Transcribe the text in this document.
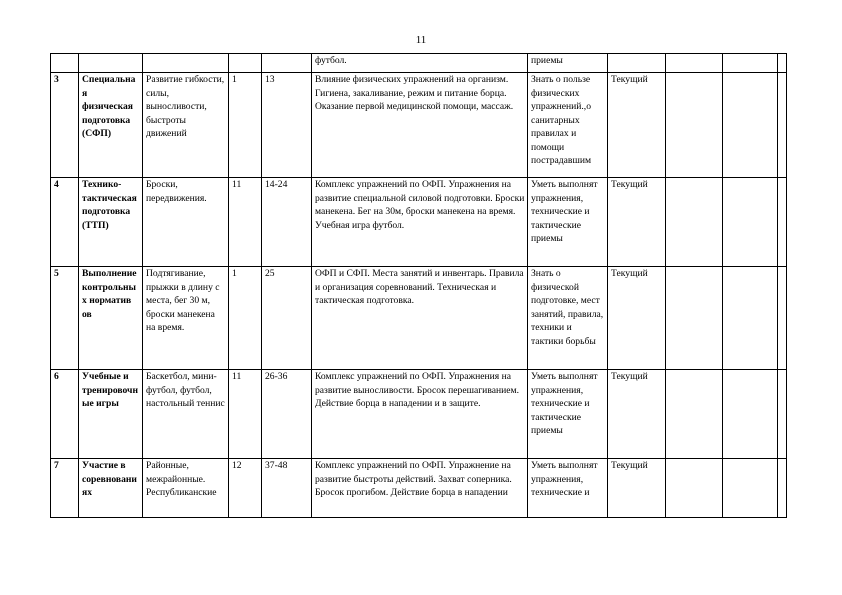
11
					футбол.	приемы				
3	Специальная физическая подготовка (СФП)	Развитие гибкости, силы, выносливости, быстроты движений	1	13	Влияние физических упражнений на организм. Гигиена, закаливание, режим и питание борца. Оказание первой медицинской помощи, массаж.	Знать о пользе физических упражнений.,о санитарных правилах и помощи пострадавшим	Текущий			
4	Технико-тактическая подготовка (ТТП)	Броски, передвижения.	11	14-24	Комплекс упражнений по ОФП. Упражнения на развитие специальной силовой подготовки. Броски манекена. Бег на 30м, броски манекена на время. Учебная игра футбол.	Уметь выполнят упражнения, технические и тактические приемы	Текущий			
5	Выполнение контрольных норматив ов	Подтягивание, прыжки в длину с места, бег 30 м, броски манекена на время.	1	25	ОФП и СФП. Места занятий и инвентарь. Правила и организация соревнований. Техническая и тактическая подготовка.	Знать о физической подготовке, мест занятий, правила, техники и тактики борьбы	Текущий			
6	Учебные и тренировочные игры	Баскетбол, мини-футбол, футбол, настольный теннис	11	26-36	Комплекс упражнений по ОФП. Упражнения на развитие выносливости. Бросок перешагиванием. Действие борца в нападении и в защите.	Уметь выполнят упражнения, технические и тактические приемы	Текущий			
7	Участие в соревнованиях	Районные, межрайонные. Республиканские	12	37-48	Комплекс упражнений по ОФП. Упражнение на развитие быстроты действий. Захват соперника. Бросок прогибом. Действие борца в нападении	Уметь выполнят упражнения, технические и	Текущий			
